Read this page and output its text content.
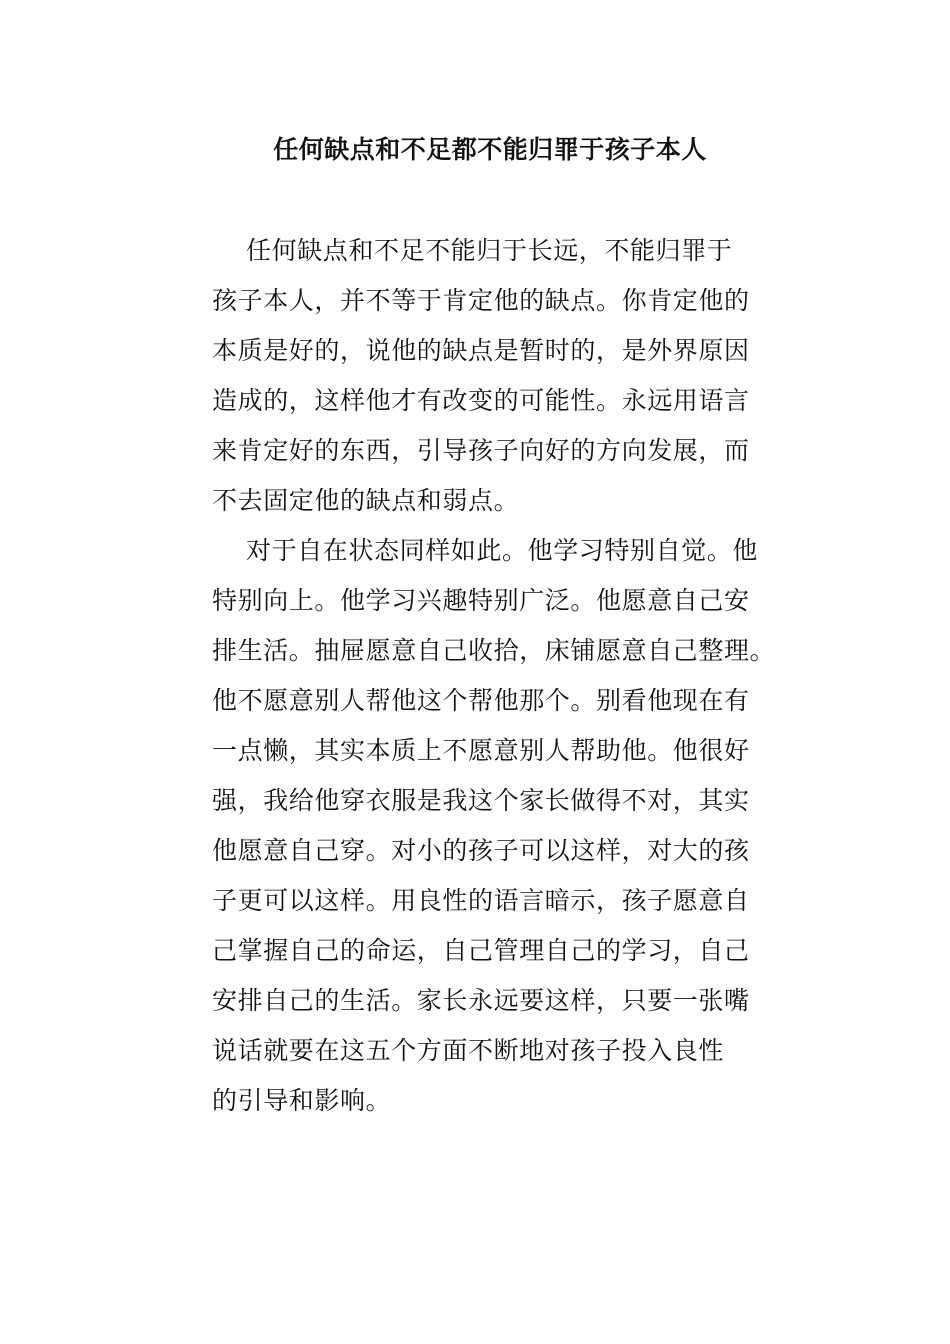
任何缺点和不足都不能归罪于孩子本人
任何缺点和不足不能归于长远，不能归罪于
孩子本人，并不等于肯定他的缺点。你肯定他的
本质是好的，说他的缺点是暂时的，是外界原因
造成的，这样他才有改变的可能性。永远用语言
来肯定好的东西，引导孩子向好的方向发展，而
不去固定他的缺点和弱点。
对于自在状态同样如此。他学习特别自觉。他
特别向上。他学习兴趣特别广泛。他愿意自己安
排生活。抽屉愿意自己收拾，床铺愿意自己整理。
他不愿意别人帮他这个帮他那个。别看他现在有
一点懒，其实本质上不愿意别人帮助他。他很好
强，我给他穿衣服是我这个家长做得不对，其实
他愿意自己穿。对小的孩子可以这样，对大的孩
子更可以这样。用良性的语言暗示，孩子愿意自
己掌握自己的命运，自己管理自己的学习，自己
安排自己的生活。家长永远要这样，只要一张嘴
说话就要在这五个方面不断地对孩子投入良性
的引导和影响。
